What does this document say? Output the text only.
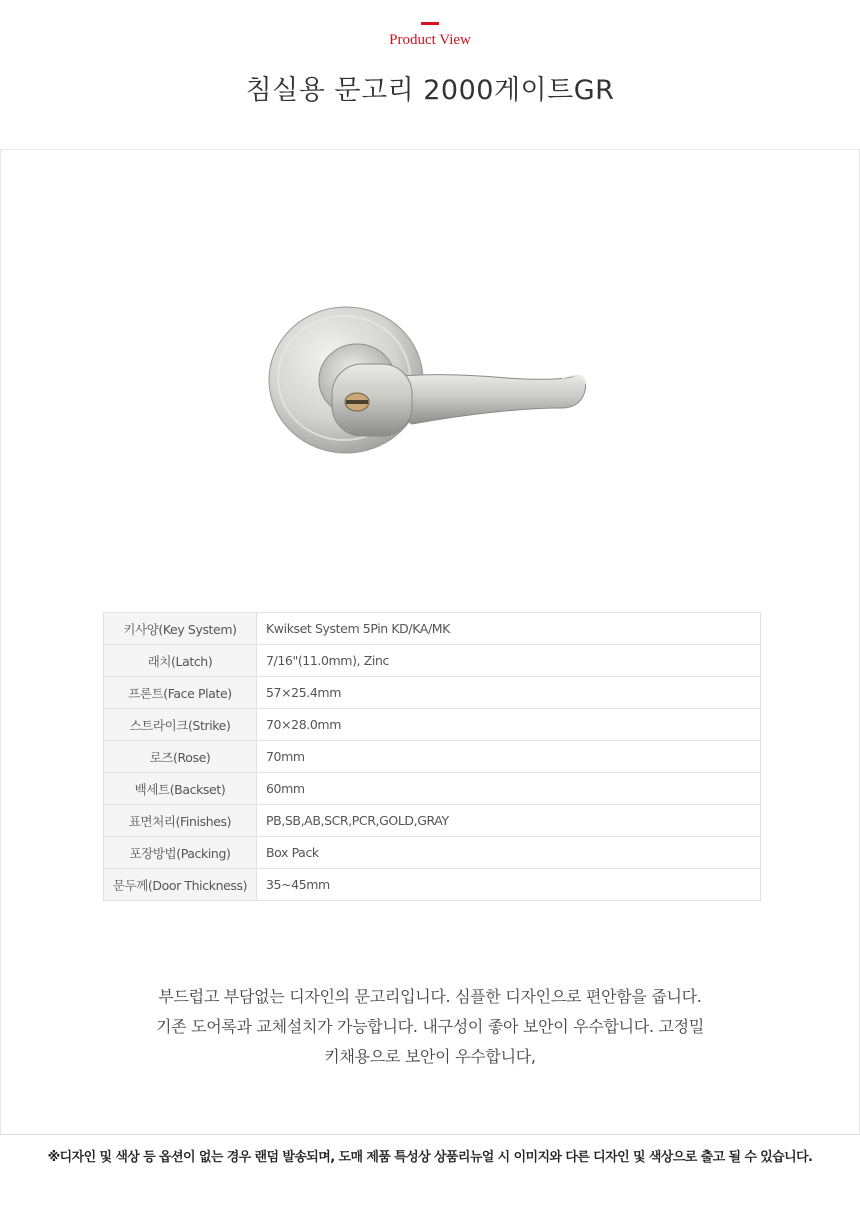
Product View
침실용 문고리 2000게이트GR
키사양(Key System)	Kwikset System 5Pin KD/KA/MK
래치(Latch)	7/16"(11.0mm), Zinc
프론트(Face Plate)	57×25.4mm
스트라이크(Strike)	70×28.0mm
로즈(Rose)	70mm
백세트(Backset)	60mm
표면처리(Finishes)	PB,SB,AB,SCR,PCR,GOLD,GRAY
포장방법(Packing)	Box Pack
문두께(Door Thickness)	35~45mm
부드럽고 부담없는 디자인의 문고리입니다. 심플한 디자인으로 편안함을 줍니다.
기존 도어록과 교체설치가 가능합니다. 내구성이 좋아 보안이 우수합니다. 고정밀
키채용으로 보안이 우수합니다,
※디자인 및 색상 등 옵션이 없는 경우 랜덤 발송되며, 도매 제품 특성상 상품리뉴얼 시 이미지와 다른 디자인 및 색상으로 출고 될 수 있습니다.
